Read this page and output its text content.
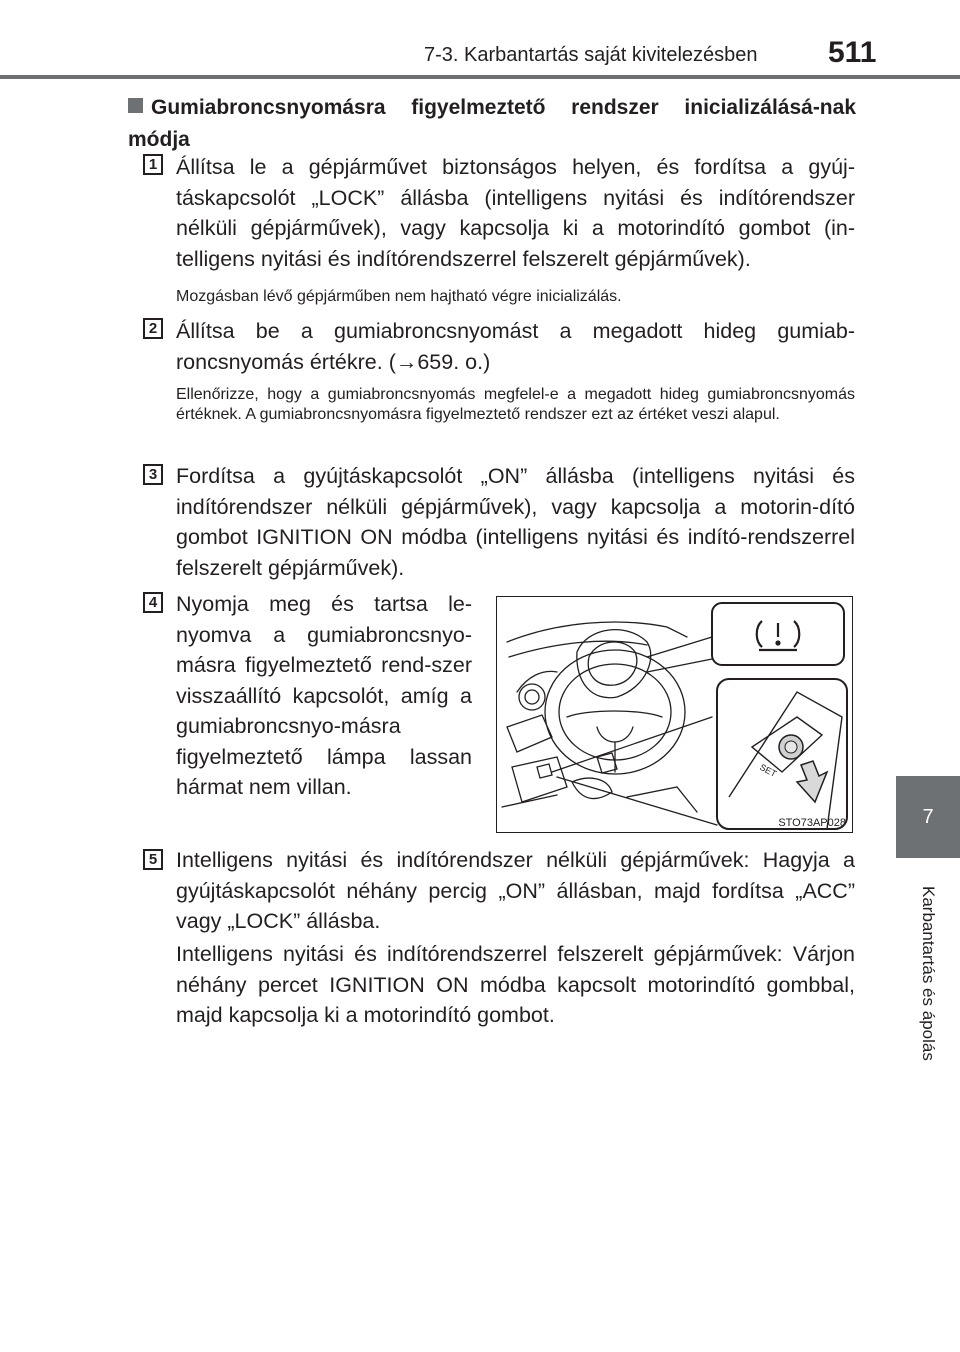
7-3. Karbantartás saját kivitelezésben 511
7
Karbantartás és ápolás
Gumiabroncsnyomásra figyelmeztető rendszer inicializálásá-nak módja
1 Állítsa le a gépjárművet biztonságos helyen, és fordítsa a gyúj-táskapcsolót „LOCK” állásba (intelligens nyitási és indítórendszer nélküli gépjárművek), vagy kapcsolja ki a motorindító gombot (in-telligens nyitási és indítórendszerrel felszerelt gépjárművek).
Mozgásban lévő gépjárműben nem hajtható végre inicializálás.
2 Állítsa be a gumiabroncsnyomást a megadott hideg gumiab-roncsnyomás értékre. (→659. o.)
Ellenőrizze, hogy a gumiabroncsnyomás megfelel-e a megadott hideg gumiabroncsnyomás értéknek. A gumiabroncsnyomásra figyelmeztető rendszer ezt az értéket veszi alapul.
3 Fordítsa a gyújtáskapcsolót „ON” állásba (intelligens nyitási és indítórendszer nélküli gépjárművek), vagy kapcsolja a motorin-dító gombot IGNITION ON módba (intelligens nyitási és indító-rendszerrel felszerelt gépjárművek).
4 Nyomja meg és tartsa le-nyomva a gumiabroncsnyo-másra figyelmeztető rend-szer visszaállító kapcsolót, amíg a gumiabroncsnyo-másra figyelmeztető lámpa lassan hármat nem villan.
SET
STO73AP028
5 Intelligens nyitási és indítórendszer nélküli gépjárművek: Hagyja a gyújtáskapcsolót néhány percig „ON” állásban, majd fordítsa „ACC” vagy „LOCK” állásba.
Intelligens nyitási és indítórendszerrel felszerelt gépjárművek: Várjon néhány percet IGNITION ON módba kapcsolt motorindító gombbal, majd kapcsolja ki a motorindító gombot.
